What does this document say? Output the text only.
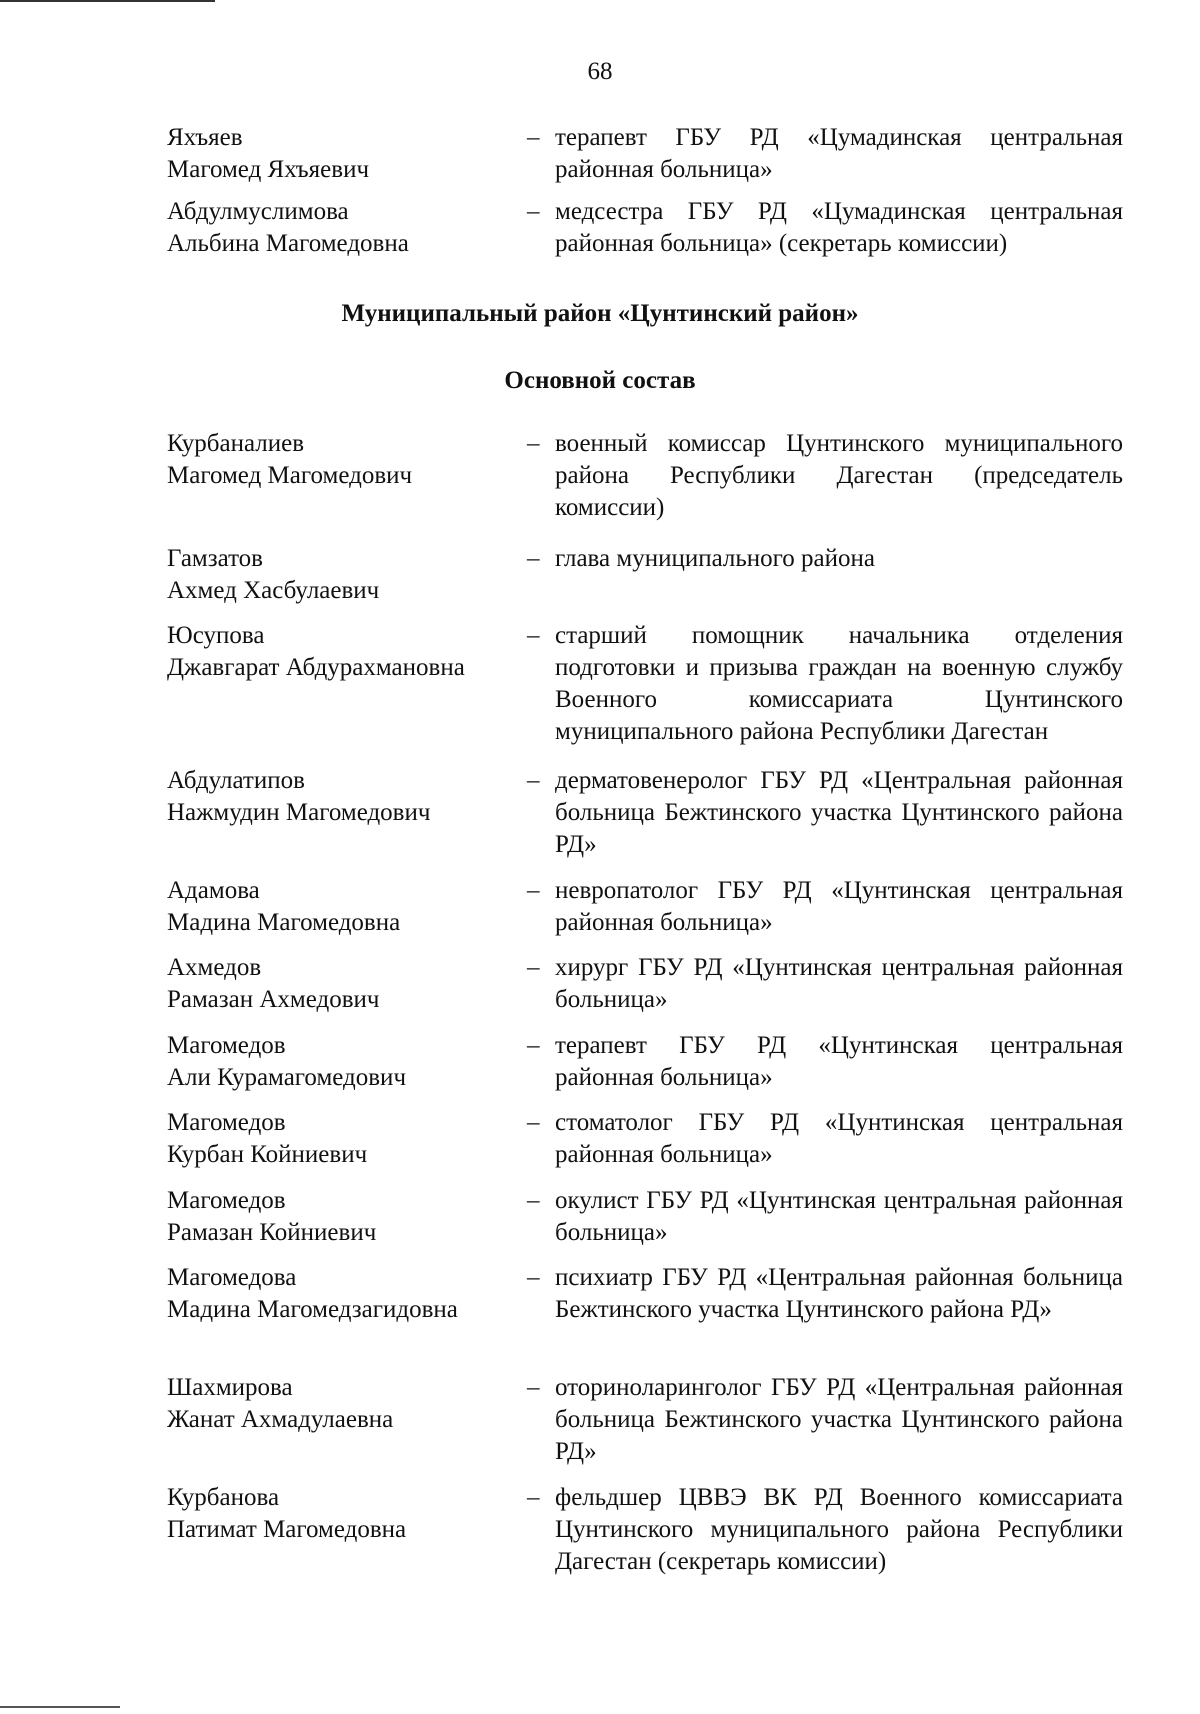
68
Яхъяев
Магомед Яхъяевич
– терапевт ГБУ РД «Цумадинская центральная районная больница»
Абдулмуслимова
Альбина Магомедовна
– медсестра ГБУ РД «Цумадинская центральная районная больница» (секретарь комиссии)
Муниципальный район «Цунтинский район»
Основной состав
Курбаналиев
Магомед Магомедович
– военный комиссар Цунтинского муниципального района Республики Дагестан (председатель комиссии)
Гамзатов
Ахмед Хасбулаевич
– глава муниципального района
Юсупова
Джавгарат Абдурахмановна
– старший помощник начальника отделения подготовки и призыва граждан на военную службу Военного комиссариата Цунтинского муниципального района Республики Дагестан
Абдулатипов
Нажмудин Магомедович
– дерматовенеролог ГБУ РД «Центральная районная больница Бежтинского участка Цунтинского района РД»
Адамова
Мадина Магомедовна
– невропатолог ГБУ РД «Цунтинская центральная районная больница»
Ахмедов
Рамазан Ахмедович
– хирург ГБУ РД «Цунтинская центральная районная больница»
Магомедов
Али Курамагомедович
– терапевт ГБУ РД «Цунтинская центральная районная больница»
Магомедов
Курбан Койниевич
– стоматолог ГБУ РД «Цунтинская центральная районная больница»
Магомедов
Рамазан Койниевич
– окулист ГБУ РД «Цунтинская центральная районная больница»
Магомедова
Мадина Магомедзагидовна
– психиатр ГБУ РД «Центральная районная больница Бежтинского участка Цунтинского района РД»
Шахмирова
Жанат Ахмадулаевна
– оториноларинголог ГБУ РД «Центральная районная больница Бежтинского участка Цунтинского района РД»
Курбанова
Патимат Магомедовна
– фельдшер ЦВВЭ ВК РД Военного комиссариата Цунтинского муниципального района Республики Дагестан (секретарь комиссии)
